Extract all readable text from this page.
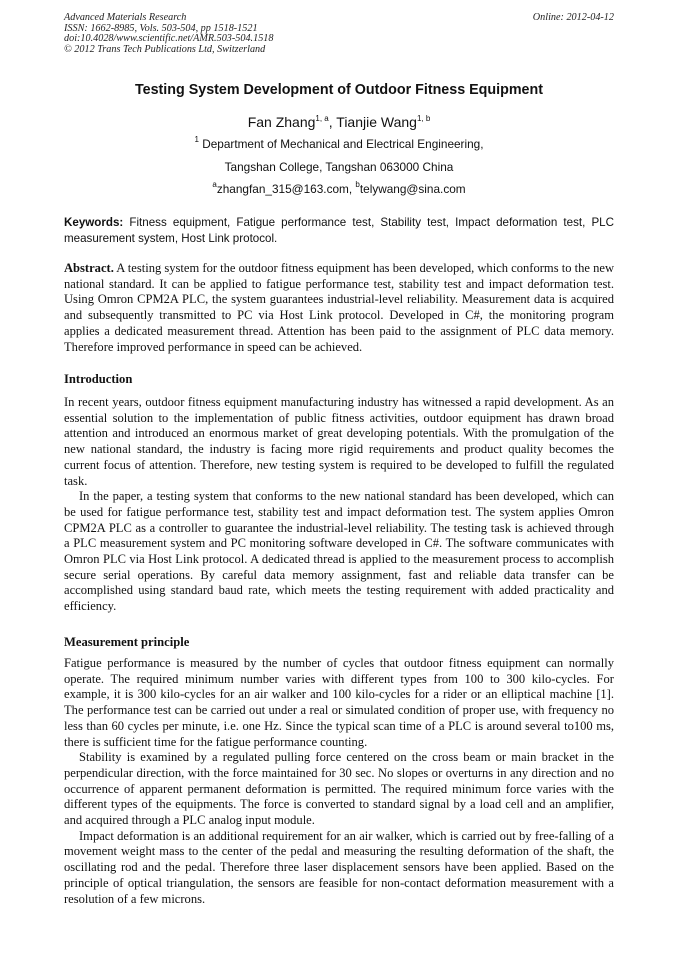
Advanced Materials Research
ISSN: 1662-8985, Vols. 503-504, pp 1518-1521
doi:10.4028/www.scientific.net/AMR.503-504.1518
© 2012 Trans Tech Publications Ltd, Switzerland
Online: 2012-04-12
Testing System Development of Outdoor Fitness Equipment
Fan Zhang$^{1, a}$, Tianjie Wang$^{1, b}$
$^1$ Department of Mechanical and Electrical Engineering,
Tangshan College, Tangshan 063000 China
$^a$zhangfan_315@163.com, $^b$telywang@sina.com
Keywords: Fitness equipment, Fatigue performance test, Stability test, Impact deformation test, PLC measurement system, Host Link protocol.

Abstract. A testing system for the outdoor fitness equipment has been developed, which conforms to the new national standard. It can be applied to fatigue performance test, stability test and impact deformation test. Using Omron CPM2A PLC, the system guarantees industrial-level reliability. Measurement data is acquired and subsequently transmitted to PC via Host Link protocol. Developed in C#, the monitoring program applies a dedicated measurement thread. Attention has been paid to the assignment of PLC data memory. Therefore improved performance in speed can be achieved.

Introduction

In recent years, outdoor fitness equipment manufacturing industry has witnessed a rapid development. As an essential solution to the implementation of public fitness activities, outdoor equipment has drawn broad attention and introduced an enormous market of great developing potentials. With the promulgation of the new national standard, the industry is facing more rigid requirements and product quality becomes the current focus of attention. Therefore, new testing system is required to be developed to fulfill the regulated task.

In the paper, a testing system that conforms to the new national standard has been developed, which can be used for fatigue performance test, stability test and impact deformation test. The system applies Omron CPM2A PLC as a controller to guarantee the industrial-level reliability. The testing task is achieved through a PLC measurement system and PC monitoring software developed in C#. The software communicates with Omron PLC via Host Link protocol. A dedicated thread is applied to the measurement process to accomplish secure serial operations. By careful data memory assignment, fast and reliable data transfer can be accomplished using standard baud rate, which meets the testing requirement with added practicality and efficiency.

Measurement principle

Fatigue performance is measured by the number of cycles that outdoor fitness equipment can normally operate. The required minimum number varies with different types from 100 to 300 kilo-cycles. For example, it is 300 kilo-cycles for an air walker and 100 kilo-cycles for a rider or an elliptical machine [1]. The performance test can be carried out under a real or simulated condition of proper use, with frequency no less than 60 cycles per minute, i.e. one Hz. Since the typical scan time of a PLC is around several to100 ms, there is sufficient time for the fatigue performance counting.

Stability is examined by a regulated pulling force centered on the cross beam or main bracket in the perpendicular direction, with the force maintained for 30 sec. No slopes or overturns in any direction and no occurrence of apparent permanent deformation is permitted. The required minimum force varies with the different types of the equipments. The force is converted to standard signal by a load cell and an amplifier, and acquired through a PLC analog input module.

Impact deformation is an additional requirement for an air walker, which is carried out by free-falling of a movement weight mass to the center of the pedal and measuring the resulting deformation of the shaft, the oscillating rod and the pedal. Therefore three laser displacement sensors have been applied. Based on the principle of optical triangulation, the sensors are feasible for non-contact deformation measurement with a resolution of a few microns.
